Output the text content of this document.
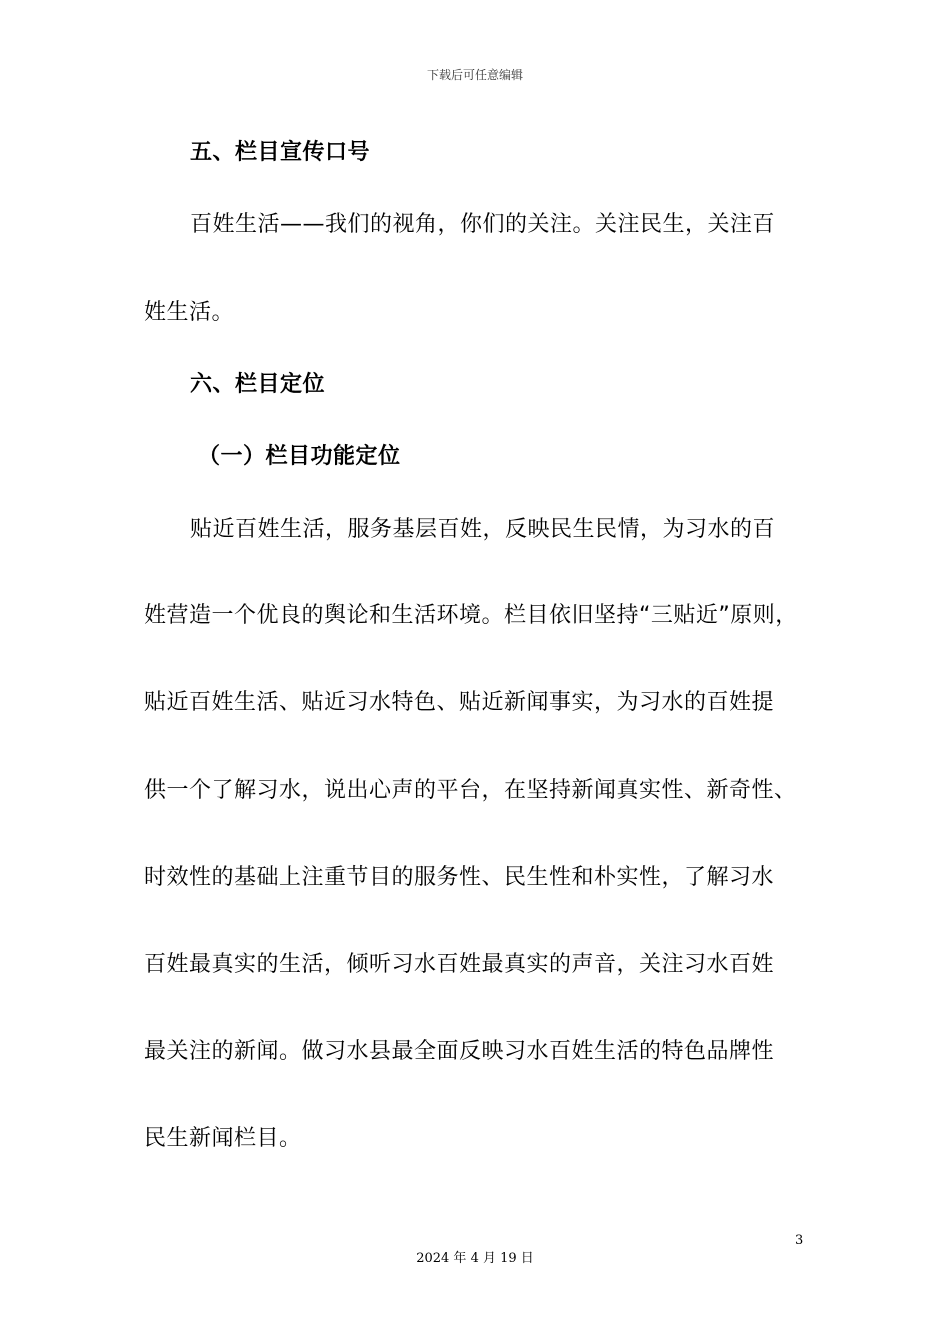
下载后可任意编辑
五、栏目宣传口号
百姓生活——我们的视角，你们的关注。关注民生，关注百
姓生活。
六、栏目定位
（一）栏目功能定位
贴近百姓生活，服务基层百姓，反映民生民情，为习水的百
姓营造一个优良的舆论和生活环境。栏目依旧坚持“三贴近”原则，
贴近百姓生活、贴近习水特色、贴近新闻事实，为习水的百姓提
供一个了解习水，说出心声的平台，在坚持新闻真实性、新奇性、
时效性的基础上注重节目的服务性、民生性和朴实性，了解习水
百姓最真实的生活，倾听习水百姓最真实的声音，关注习水百姓
最关注的新闻。做习水县最全面反映习水百姓生活的特色品牌性
民生新闻栏目。
3
2024 年 4 月 19 日
